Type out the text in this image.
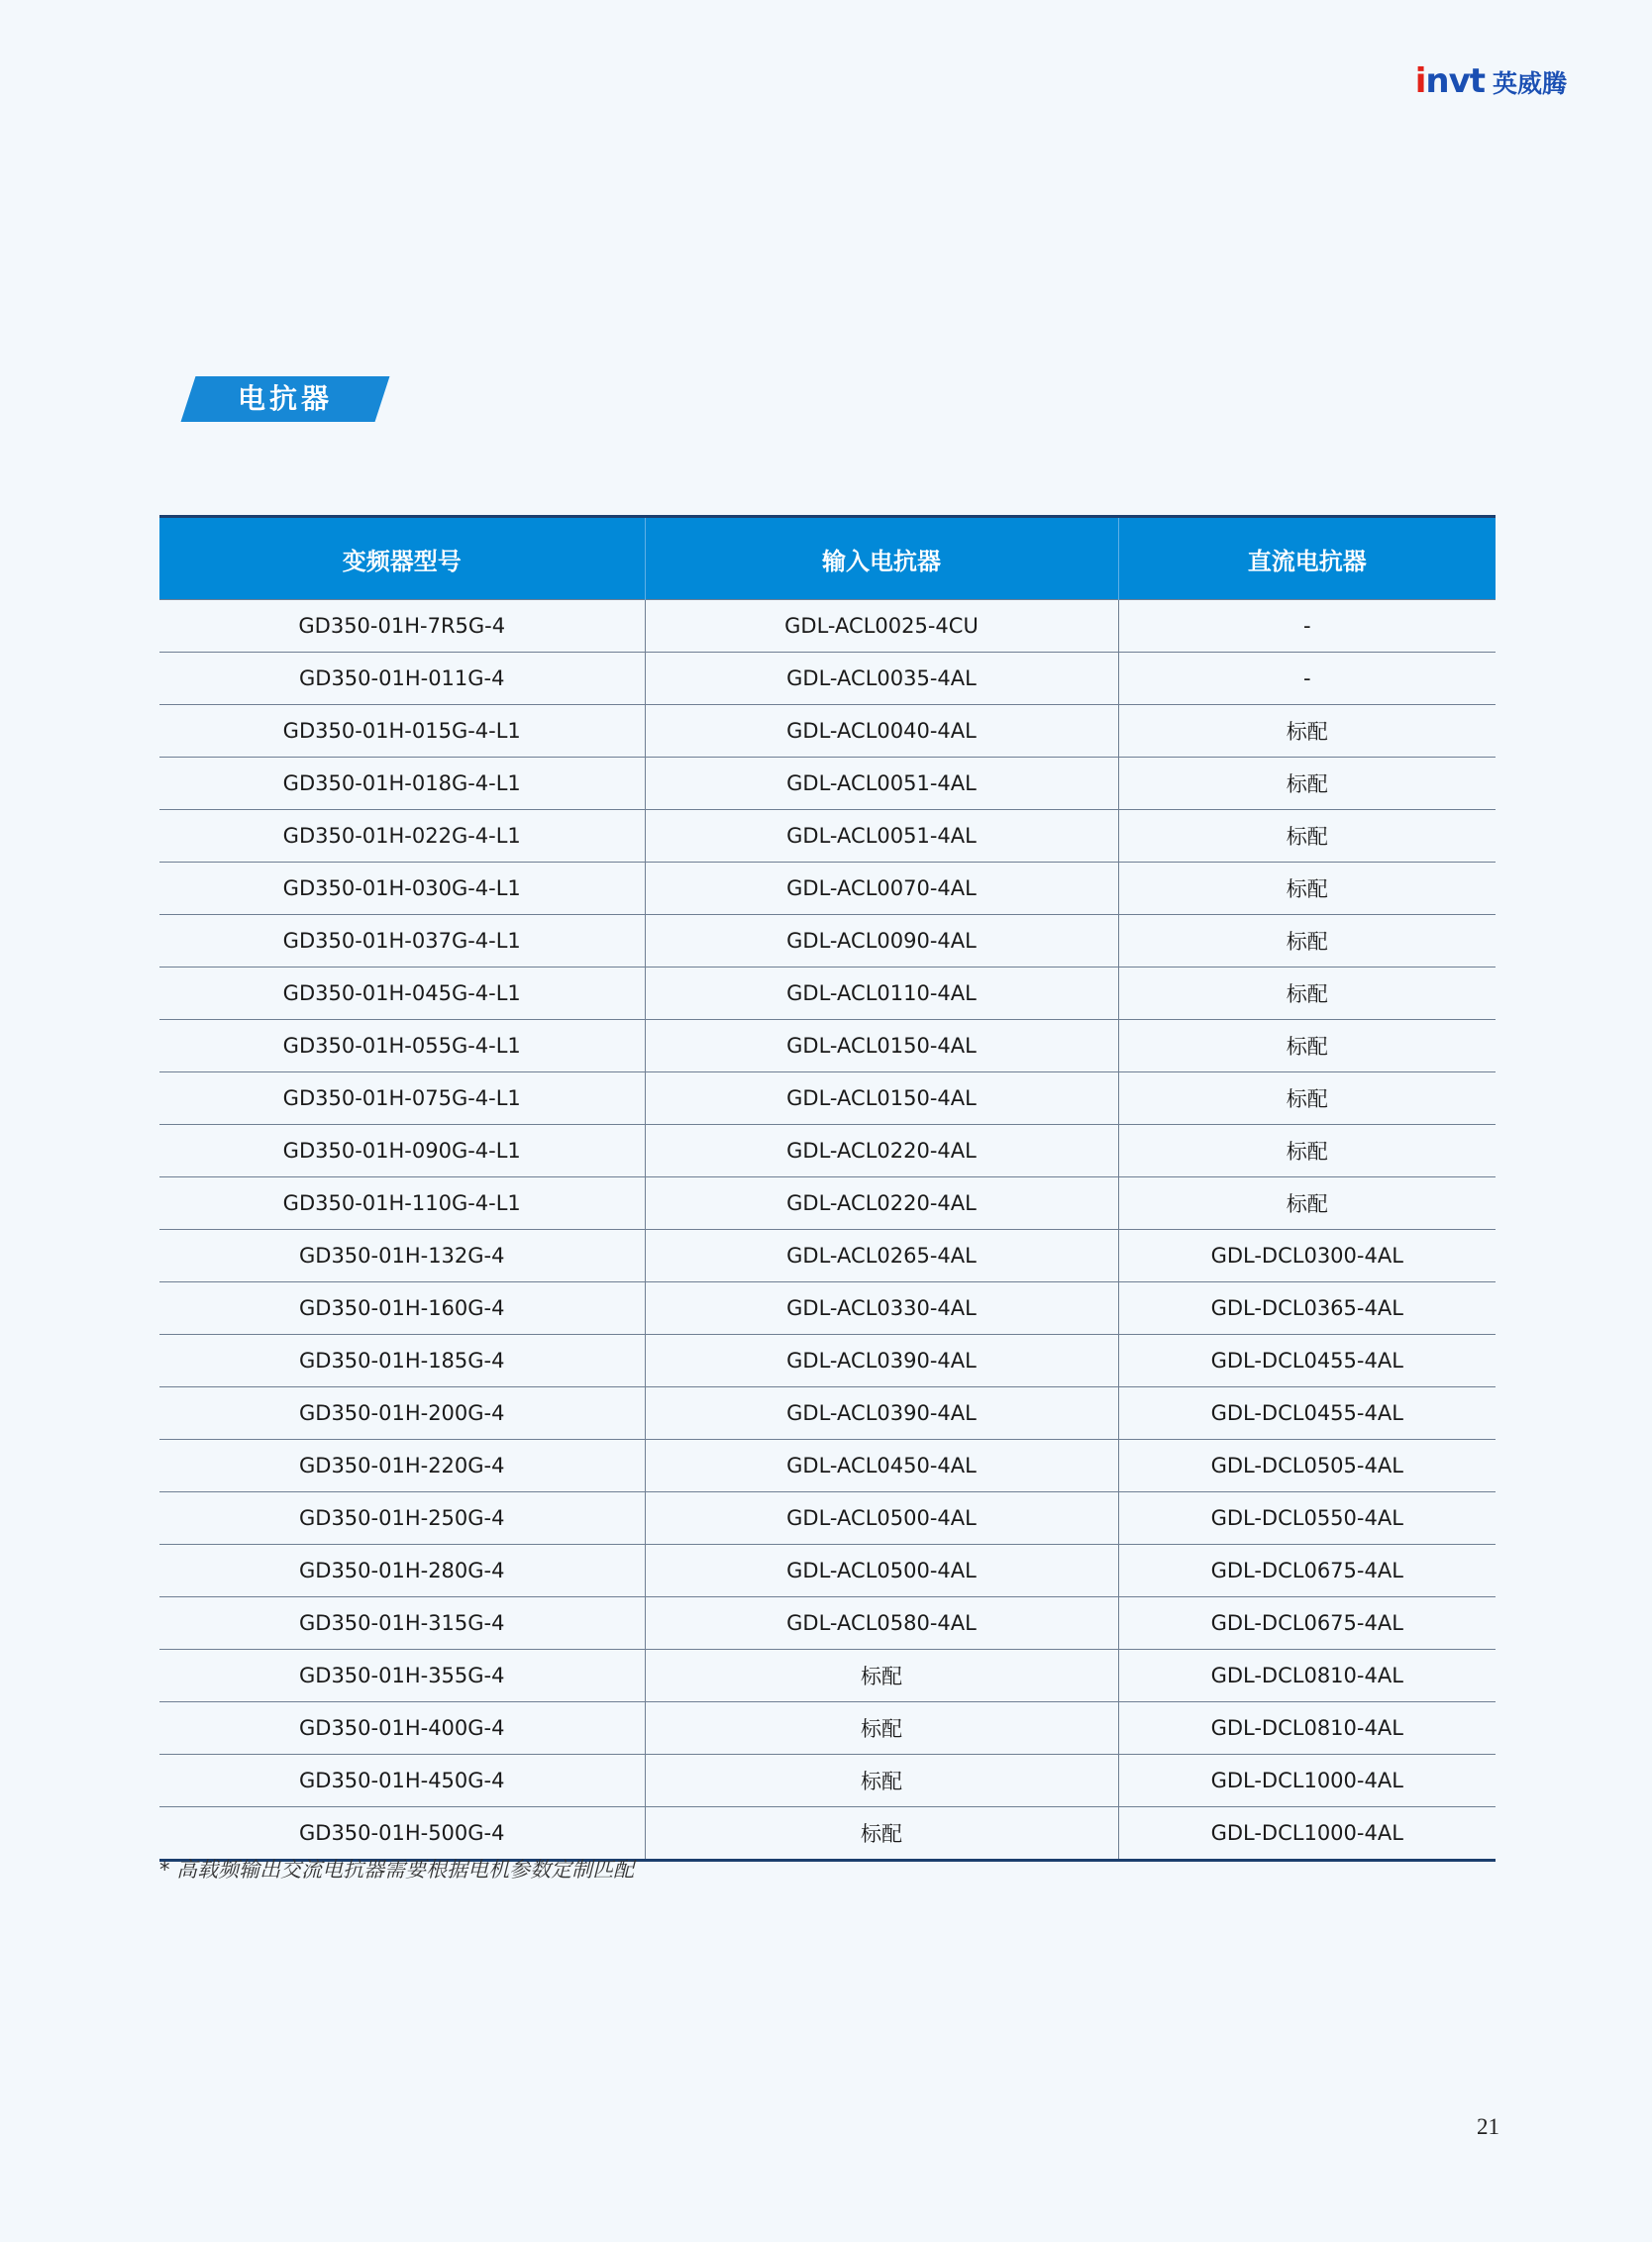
invt 英威腾
电抗器
变频器型号	输入电抗器	直流电抗器
GD350-01H-7R5G-4	GDL-ACL0025-4CU	-
GD350-01H-011G-4	GDL-ACL0035-4AL	-
GD350-01H-015G-4-L1	GDL-ACL0040-4AL	标配
GD350-01H-018G-4-L1	GDL-ACL0051-4AL	标配
GD350-01H-022G-4-L1	GDL-ACL0051-4AL	标配
GD350-01H-030G-4-L1	GDL-ACL0070-4AL	标配
GD350-01H-037G-4-L1	GDL-ACL0090-4AL	标配
GD350-01H-045G-4-L1	GDL-ACL0110-4AL	标配
GD350-01H-055G-4-L1	GDL-ACL0150-4AL	标配
GD350-01H-075G-4-L1	GDL-ACL0150-4AL	标配
GD350-01H-090G-4-L1	GDL-ACL0220-4AL	标配
GD350-01H-110G-4-L1	GDL-ACL0220-4AL	标配
GD350-01H-132G-4	GDL-ACL0265-4AL	GDL-DCL0300-4AL
GD350-01H-160G-4	GDL-ACL0330-4AL	GDL-DCL0365-4AL
GD350-01H-185G-4	GDL-ACL0390-4AL	GDL-DCL0455-4AL
GD350-01H-200G-4	GDL-ACL0390-4AL	GDL-DCL0455-4AL
GD350-01H-220G-4	GDL-ACL0450-4AL	GDL-DCL0505-4AL
GD350-01H-250G-4	GDL-ACL0500-4AL	GDL-DCL0550-4AL
GD350-01H-280G-4	GDL-ACL0500-4AL	GDL-DCL0675-4AL
GD350-01H-315G-4	GDL-ACL0580-4AL	GDL-DCL0675-4AL
GD350-01H-355G-4	标配	GDL-DCL0810-4AL
GD350-01H-400G-4	标配	GDL-DCL0810-4AL
GD350-01H-450G-4	标配	GDL-DCL1000-4AL
GD350-01H-500G-4	标配	GDL-DCL1000-4AL
* 高载频输出交流电抗器需要根据电机参数定制匹配
21
